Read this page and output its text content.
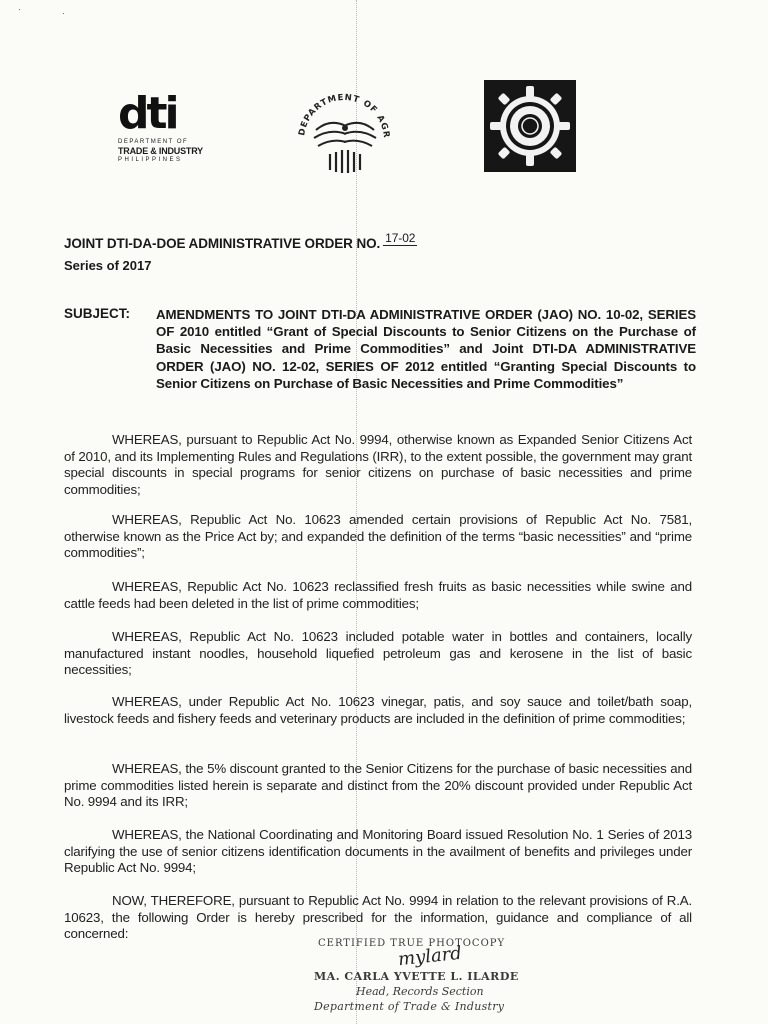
·	·
dti
DEPARTMENT OF
TRADE & INDUSTRY
PHILIPPINES
DEPARTMENT OF AGR
JOINT DTI-DA-DOE ADMINISTRATIVE ORDER NO. 17-02
Series of 2017
SUBJECT: AMENDMENTS TO JOINT DTI-DA ADMINISTRATIVE ORDER (JAO) NO. 10-02, SERIES OF 2010 entitled “Grant of Special Discounts to Senior Citizens on the Purchase of Basic Necessities and Prime Commodities” and Joint DTI-DA ADMINISTRATIVE ORDER (JAO) NO. 12-02, SERIES OF 2012 entitled “Granting Special Discounts to Senior Citizens on Purchase of Basic Necessities and Prime Commodities”
WHEREAS, pursuant to Republic Act No. 9994, otherwise known as Expanded Senior Citizens Act of 2010, and its Implementing Rules and Regulations (IRR), to the extent possible, the government may grant special discounts in special programs for senior citizens on purchase of basic necessities and prime commodities;
WHEREAS, Republic Act No. 10623 amended certain provisions of Republic Act No. 7581, otherwise known as the Price Act by; and expanded the definition of the terms “basic necessities” and “prime commodities”;
WHEREAS, Republic Act No. 10623 reclassified fresh fruits as basic necessities while swine and cattle feeds had been deleted in the list of prime commodities;
WHEREAS, Republic Act No. 10623 included potable water in bottles and containers, locally manufactured instant noodles, household liquefied petroleum gas and kerosene in the list of basic necessities;
WHEREAS, under Republic Act No. 10623 vinegar, patis, and soy sauce and toilet/bath soap, livestock feeds and fishery feeds and veterinary products are included in the definition of prime commodities;
WHEREAS, the 5% discount granted to the Senior Citizens for the purchase of basic necessities and prime commodities listed herein is separate and distinct from the 20% discount provided under Republic Act No. 9994 and its IRR;
WHEREAS, the National Coordinating and Monitoring Board issued Resolution No. 1 Series of 2013 clarifying the use of senior citizens identification documents in the availment of benefits and privileges under Republic Act No. 9994;
NOW, THEREFORE, pursuant to Republic Act No. 9994 in relation to the relevant provisions of R.A. 10623, the following Order is hereby prescribed for the information, guidance and compliance of all concerned:
CERTIFIED TRUE PHOTOCOPY
mylard
MA. CARLA YVETTE L. ILARDE
Head, Records Section
Department of Trade & Industry
